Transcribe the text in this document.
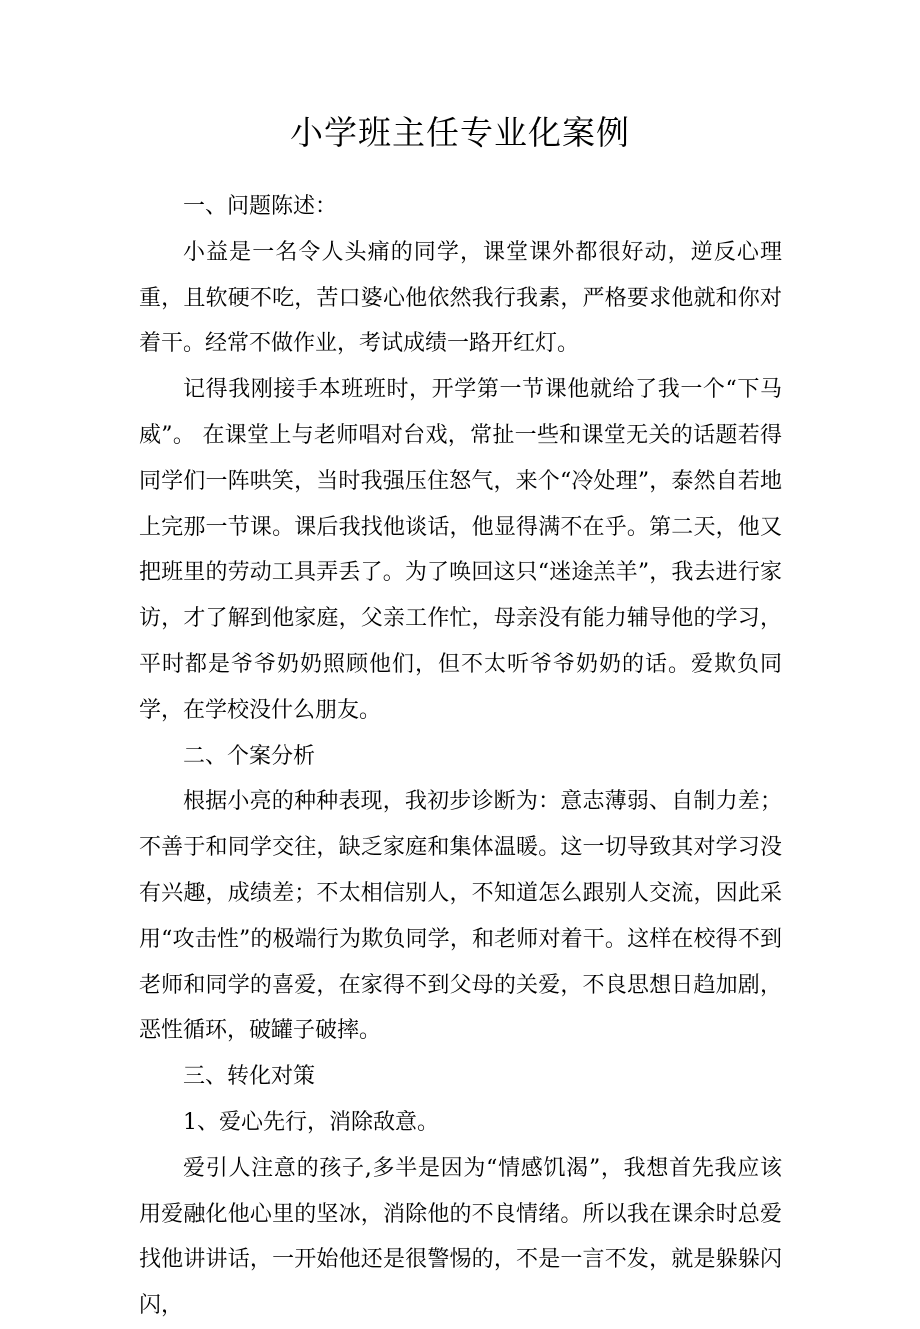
小学班主任专业化案例

一、问题陈述：

小益是一名令人头痛的同学，课堂课外都很好动，逆反心理重，且软硬不吃，苦口婆心他依然我行我素，严格要求他就和你对着干。经常不做作业，考试成绩一路开红灯。

记得我刚接手本班班时，开学第一节课他就给了我一个“下马威”。 在课堂上与老师唱对台戏，常扯一些和课堂无关的话题若得同学们一阵哄笑，当时我强压住怒气，来个“冷处理”，泰然自若地上完那一节课。课后我找他谈话，他显得满不在乎。第二天，他又把班里的劳动工具弄丢了。为了唤回这只“迷途羔羊”，我去进行家访，才了解到他家庭，父亲工作忙，母亲没有能力辅导他的学习，平时都是爷爷奶奶照顾他们，但不太听爷爷奶奶的话。爱欺负同学，在学校没什么朋友。

二、个案分析

根据小亮的种种表现，我初步诊断为：意志薄弱、自制力差；不善于和同学交往，缺乏家庭和集体温暖。这一切导致其对学习没有兴趣，成绩差；不太相信别人，不知道怎么跟别人交流，因此采用“攻击性”的极端行为欺负同学，和老师对着干。这样在校得不到老师和同学的喜爱，在家得不到父母的关爱，不良思想日趋加剧，恶性循环，破罐子破摔。

三、转化对策

1、爱心先行，消除敌意。

爱引人注意的孩子,多半是因为“情感饥渴”，我想首先我应该用爱融化他心里的坚冰，消除他的不良情绪。所以我在课余时总爱找他讲讲话，一开始他还是很警惕的，不是一言不发，就是躲躲闪闪，
